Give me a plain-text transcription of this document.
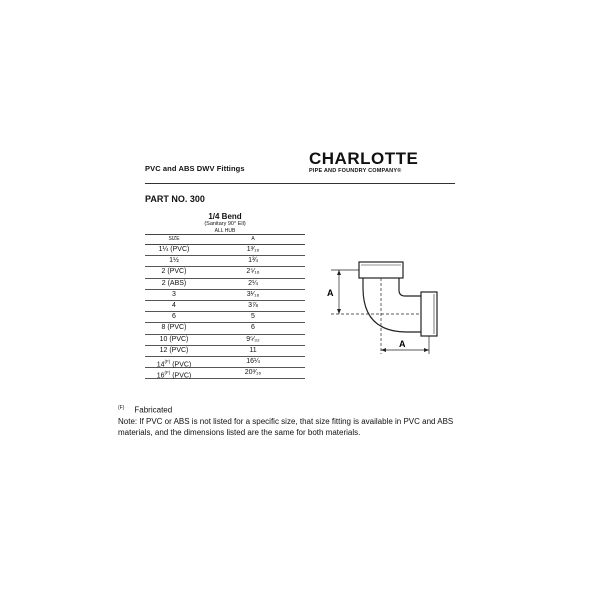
PVC and ABS DWV Fittings
CHARLOTTE
PIPE AND FOUNDRY COMPANY®
PART NO. 300
1/4 Bend
(Sanitary 90° Ell)
ALL HUB
SIZE	A
1¼ (PVC)	1³⁄₁₆
1½	1¾
2 (PVC)	2⁵⁄₁₆
2 (ABS)	2¼
3	3¹⁄₁₆
4	3⅞
6	5
8 (PVC)	6
10 (PVC)	9⁵⁄₃₂
12 (PVC)	11
$14^{(F)}$ (PVC)	16¼
$16^{(F)}$ (PVC)	20³⁄₁₆
A
A
$^{(F)}$ Fabricated
Note: If PVC or ABS is not listed for a specific size, that size fitting is available in PVC and ABS materials, and the dimensions listed are the same for both materials.
